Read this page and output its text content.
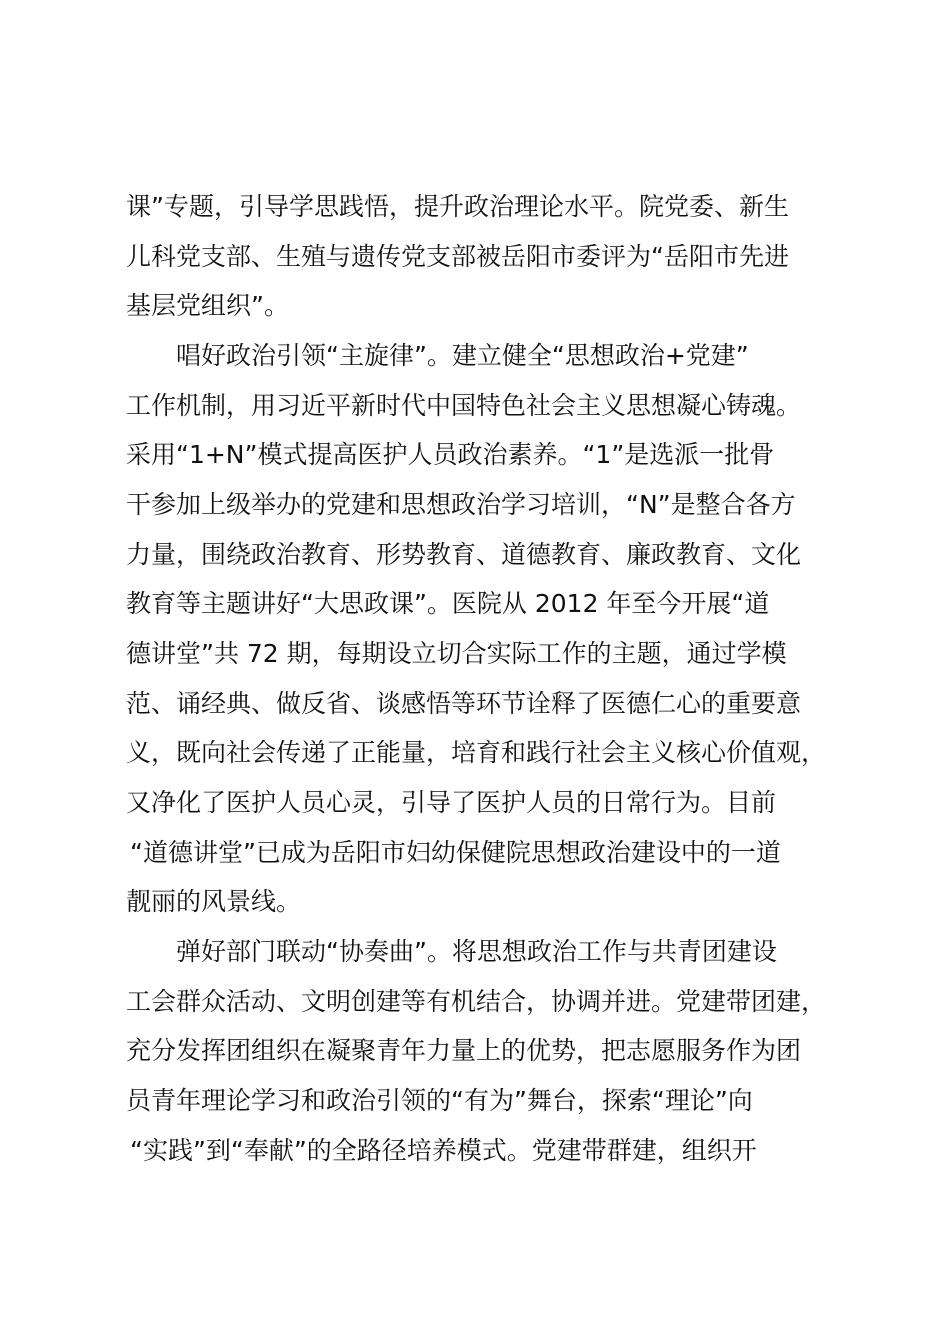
课”专题，引导学思践悟，提升政治理论水平。院党委、新生
儿科党支部、生殖与遗传党支部被岳阳市委评为“岳阳市先进
基层党组织”。
唱好政治引领“主旋律”。建立健全“思想政治+党建”
工作机制，用习近平新时代中国特色社会主义思想凝心铸魂。
采用“1+N”模式提高医护人员政治素养。“1”是选派一批骨
干参加上级举办的党建和思想政治学习培训，“N”是整合各方
力量，围绕政治教育、形势教育、道德教育、廉政教育、文化
教育等主题讲好“大思政课”。医院从 2012 年至今开展“道
德讲堂”共 72 期，每期设立切合实际工作的主题，通过学模
范、诵经典、做反省、谈感悟等环节诠释了医德仁心的重要意
义，既向社会传递了正能量，培育和践行社会主义核心价值观，
又净化了医护人员心灵，引导了医护人员的日常行为。目前
“道德讲堂”已成为岳阳市妇幼保健院思想政治建设中的一道
靓丽的风景线。
弹好部门联动“协奏曲”。将思想政治工作与共青团建设
工会群众活动、文明创建等有机结合，协调并进。党建带团建，
充分发挥团组织在凝聚青年力量上的优势，把志愿服务作为团
员青年理论学习和政治引领的“有为”舞台，探索“理论”向
“实践”到“奉献”的全路径培养模式。党建带群建，组织开
